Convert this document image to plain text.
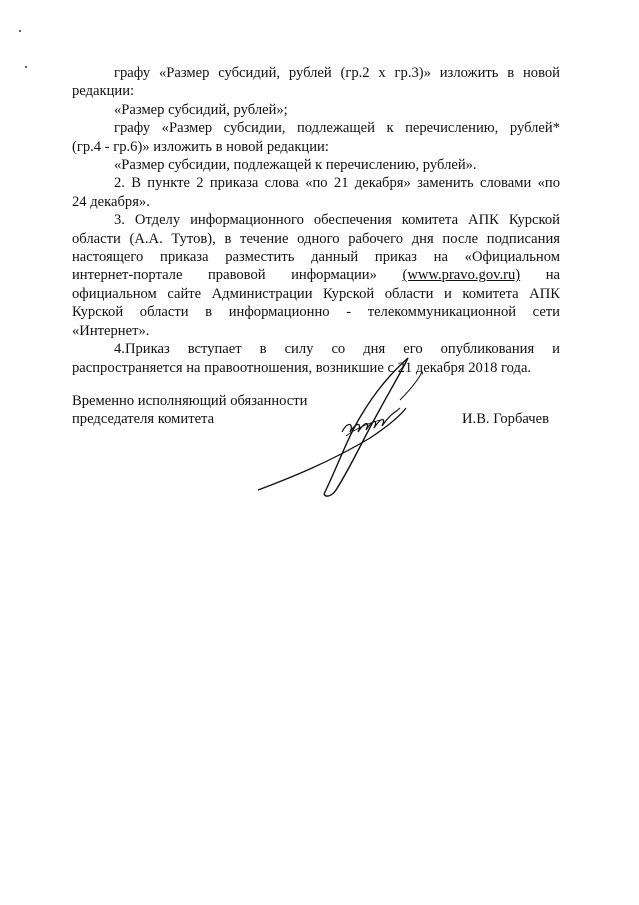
графу «Размер субсидий, рублей (гр.2 х гр.3)» изложить в новой

редакции:

«Размер субсидий, рублей»;

графу «Размер субсидии, подлежащей к перечислению, рублей*

(гр.4 - гр.6)» изложить в новой редакции:

«Размер субсидии, подлежащей к перечислению, рублей».

2. В пункте 2 приказа слова «по 21 декабря» заменить словами «по

24 декабря».

3. Отделу информационного обеспечения комитета АПК Курской

области (А.А. Тутов), в течение одного рабочего дня после подписания

настоящего приказа разместить данный приказ на «Официальном

интернет-портале правовой информации» (www.pravo.gov.ru) на

официальном сайте Администрации Курской области и комитета АПК

Курской области в информационно - телекоммуникационной сети

«Интернет».

4.Приказ вступает в силу со дня его опубликования и

распространяется на правоотношения, возникшие с 21 декабря 2018 года.

Временно исполняющий обязанности
председателя комитета	И.В. Горбачев
